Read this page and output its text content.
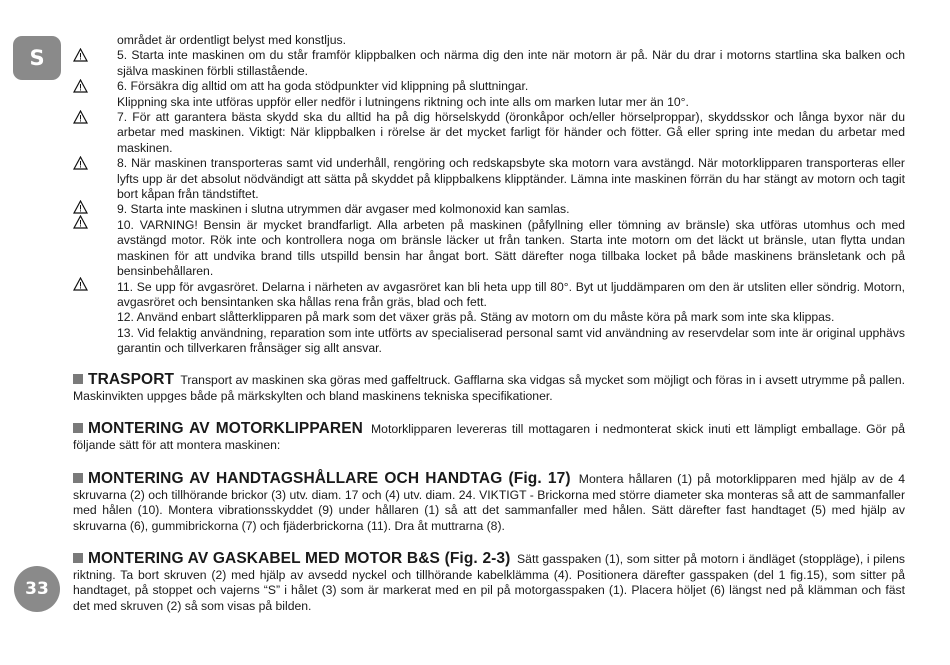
S
33

området är ordentligt belyst med konstljus.

5. Starta inte maskinen om du står framför klippbalken och närma dig den inte när motorn är på. När du drar i motorns startlina ska balken och själva maskinen förbli stillastående.

6. Försäkra dig alltid om att ha goda stödpunkter vid klippning på sluttningar.

Klippning ska inte utföras uppför eller nedför i lutningens riktning och inte alls om marken lutar mer än 10°.

7. För att garantera bästa skydd ska du alltid ha på dig hörselskydd (öronkåpor och/eller hörselproppar), skyddsskor och långa byxor när du arbetar med maskinen. Viktigt: När klippbalken i rörelse är det mycket farligt för händer och fötter. Gå eller spring inte medan du arbetar med maskinen.

8. När maskinen transporteras samt vid underhåll, rengöring och redskapsbyte ska motorn vara avstängd. När motorklipparen transporteras eller lyfts upp är det absolut nödvändigt att sätta på skyddet på klippbalkens klipptänder. Lämna inte maskinen förrän du har stängt av motorn och tagit bort kåpan från tändstiftet.

9. Starta inte maskinen i slutna utrymmen där avgaser med kolmonoxid kan samlas.

10. VARNING! Bensin är mycket brandfarligt. Alla arbeten på maskinen (påfyllning eller tömning av bränsle) ska utföras utomhus och med avstängd motor. Rök inte och kontrollera noga om bränsle läcker ut från tanken. Starta inte motorn om det läckt ut bränsle, utan flytta undan maskinen för att undvika brand tills utspilld bensin har ångat bort. Sätt därefter noga tillbaka locket på både maskinens bränsletank och på bensinbehållaren.

11. Se upp för avgasröret. Delarna i närheten av avgasröret kan bli heta upp till 80°. Byt ut ljuddämparen om den är utsliten eller söndrig. Motorn, avgasröret och bensintanken ska hållas rena från gräs, blad och fett.

12. Använd enbart slåtterklipparen på mark som det växer gräs på. Stäng av motorn om du måste köra på mark som inte ska klippas.

13. Vid felaktig användning, reparation som inte utförts av specialiserad personal samt vid användning av reservdelar som inte är original upphävs garantin och tillverkaren frånsäger sig allt ansvar.

TRASPORT Transport av maskinen ska göras med gaffeltruck. Gafflarna ska vidgas så mycket som möjligt och föras in i avsett utrymme på pallen. Maskinvikten uppges både på märkskylten och bland maskinens tekniska specifikationer.
MONTERING AV MOTORKLIPPAREN Motorklipparen levereras till mottagaren i nedmonterat skick inuti ett lämpligt emballage. Gör på följande sätt för att montera maskinen:
MONTERING AV HANDTAGSHÅLLARE OCH HANDTAG (Fig. 17) Montera hållaren (1) på motorklipparen med hjälp av de 4 skruvarna (2) och tillhörande brickor (3) utv. diam. 17 och (4) utv. diam. 24. VIKTIGT - Brickorna med större diameter ska monteras så att de sammanfaller med hålen (10). Montera vibrationsskyddet (9) under hållaren (1) så att det sammanfaller med hålen. Sätt därefter fast handtaget (5) med hjälp av skruvarna (6), gummibrickorna (7) och fjäderbrickorna (11). Dra åt muttrarna (8).
MONTERING AV GASKABEL MED MOTOR B&S (Fig. 2-3) Sätt gasspaken (1), som sitter på motorn i ändläget (stoppläge), i pilens riktning. Ta bort skruven (2) med hjälp av avsedd nyckel och tillhörande kabelklämma (4). Positionera därefter gasspaken (del 1 fig.15), som sitter på handtaget, på stoppet och vajerns “S” i hålet (3) som är markerat med en pil på motorgasspaken (1). Placera höljet (6) längst ned på klämman och fäst det med skruven (2) så som visas på bilden.
